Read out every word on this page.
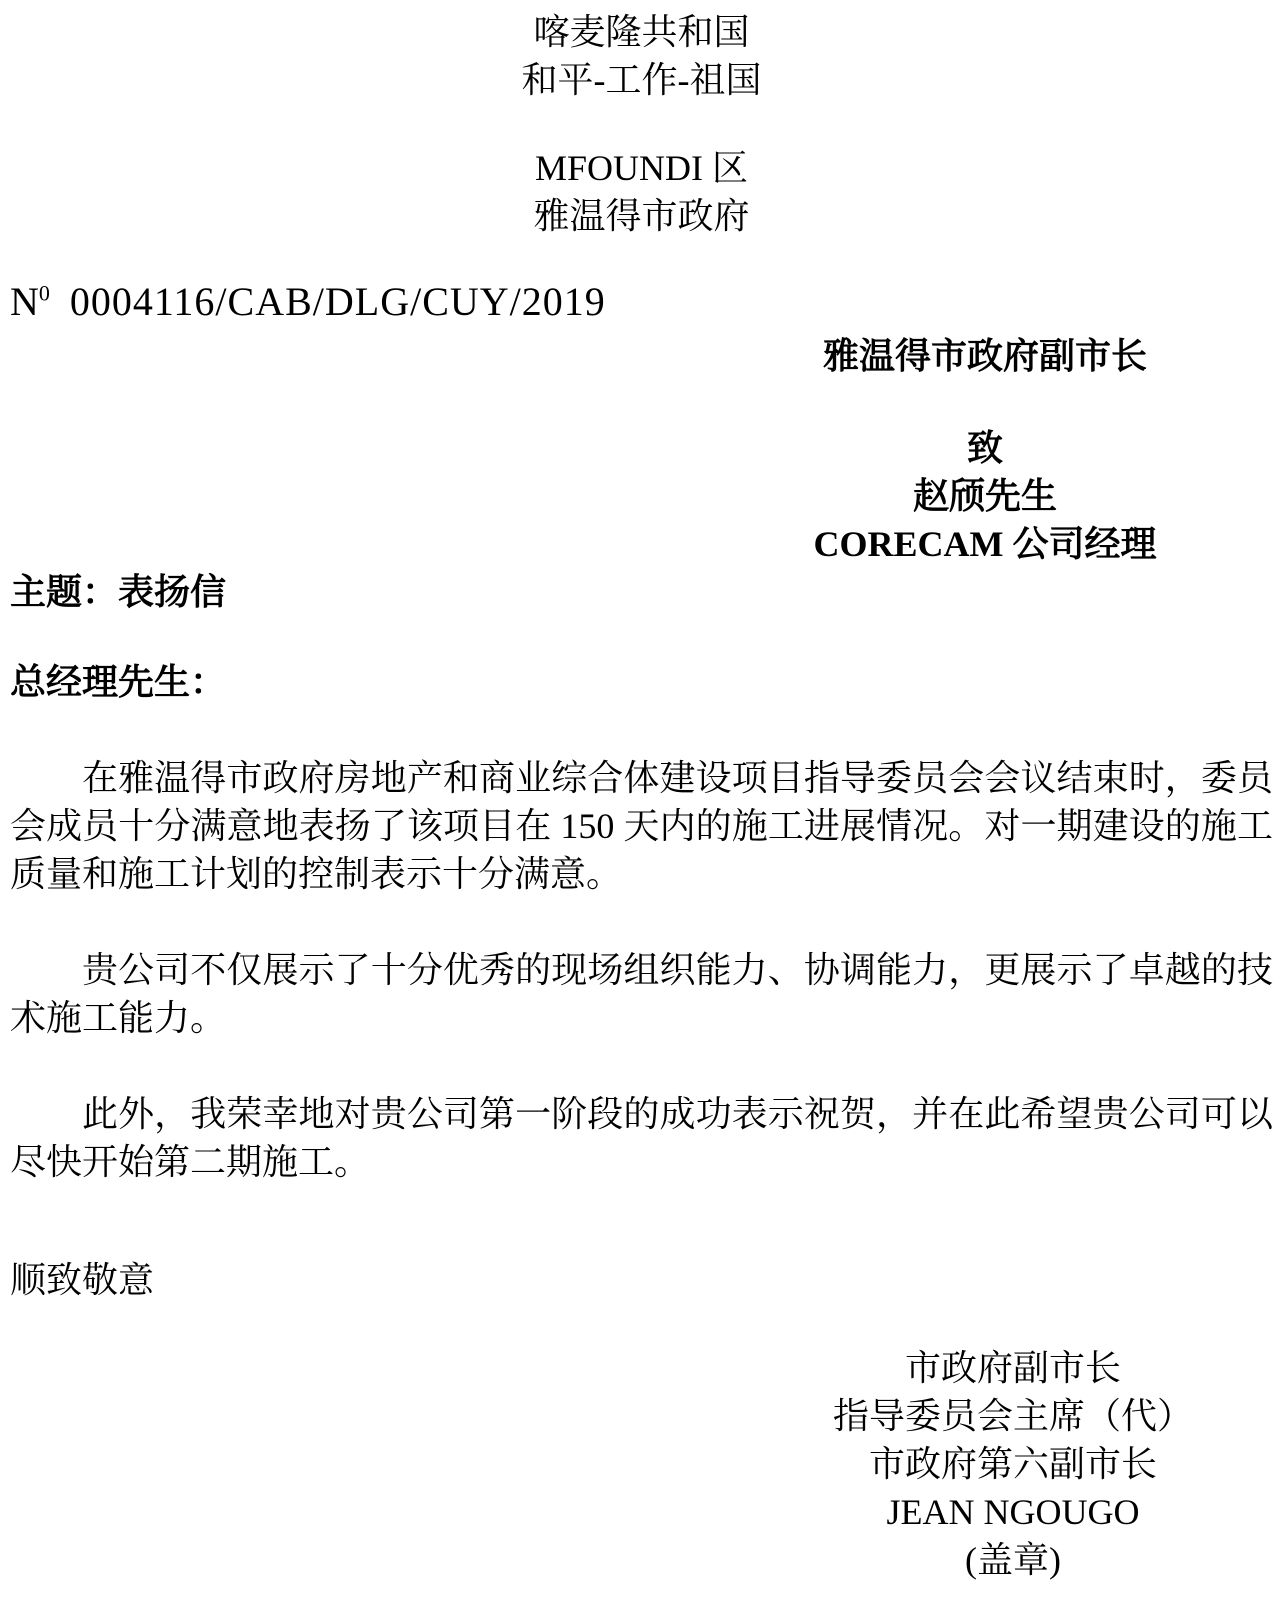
喀麦隆共和国
和平-工作-祖国
MFOUNDI 区
雅温得市政府
$N^0$ 0004116/CAB/DLG/CUY/2019
雅温得市政府副市长
致
赵颀先生
CORECAM 公司经理
主题：表扬信
总经理先生：

在雅温得市政府房地产和商业综合体建设项目指导委员会会议结束时，委员会成员十分满意地表扬了该项目在 150 天内的施工进展情况。对一期建设的施工质量和施工计划的控制表示十分满意。

贵公司不仅展示了十分优秀的现场组织能力、协调能力，更展示了卓越的技术施工能力。

此外，我荣幸地对贵公司第一阶段的成功表示祝贺，并在此希望贵公司可以尽快开始第二期施工。

顺致敬意
市政府副市长
指导委员会主席（代）
市政府第六副市长
JEAN NGOUGO
(盖章)
